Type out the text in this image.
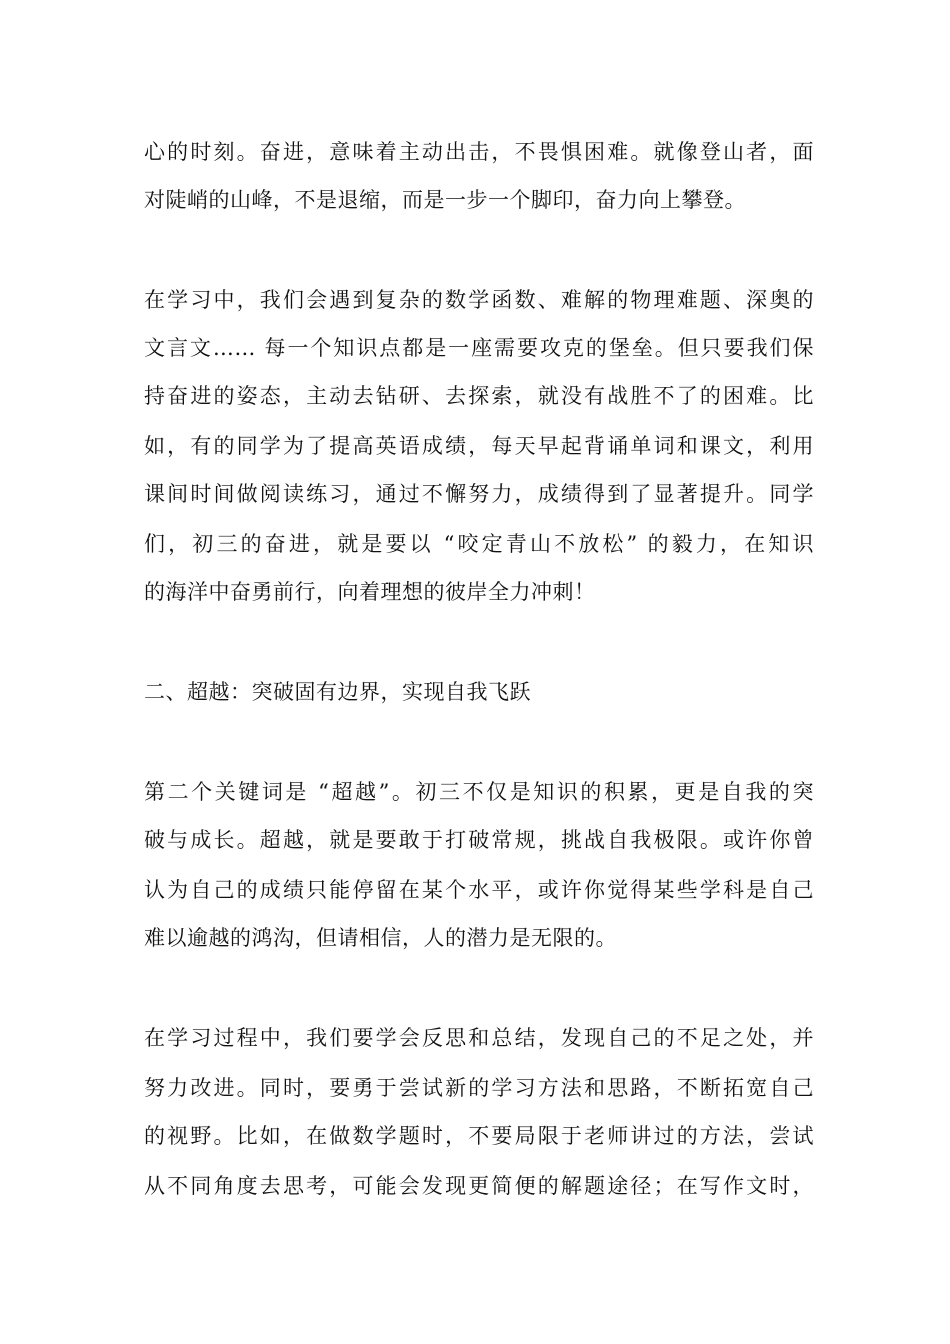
心的时刻。奋进，意味着主动出击，不畏惧困难。就像登山者，面
对陡峭的山峰，不是退缩，而是一步一个脚印，奋力向上攀登。
在学习中，我们会遇到复杂的数学函数、难解的物理难题、深奥的
文言文…… 每一个知识点都是一座需要攻克的堡垒。但只要我们保
持奋进的姿态，主动去钻研、去探索，就没有战胜不了的困难。比
如，有的同学为了提高英语成绩，每天早起背诵单词和课文，利用
课间时间做阅读练习，通过不懈努力，成绩得到了显著提升。同学
们，初三的奋进，就是要以 “咬定青山不放松” 的毅力，在知识
的海洋中奋勇前行，向着理想的彼岸全力冲刺！
二、超越：突破固有边界，实现自我飞跃
第二个关键词是 “超越”。初三不仅是知识的积累，更是自我的突
破与成长。超越，就是要敢于打破常规，挑战自我极限。或许你曾
认为自己的成绩只能停留在某个水平，或许你觉得某些学科是自己
难以逾越的鸿沟，但请相信，人的潜力是无限的。
在学习过程中，我们要学会反思和总结，发现自己的不足之处，并
努力改进。同时，要勇于尝试新的学习方法和思路，不断拓宽自己
的视野。比如，在做数学题时，不要局限于老师讲过的方法，尝试
从不同角度去思考，可能会发现更简便的解题途径；在写作文时，
